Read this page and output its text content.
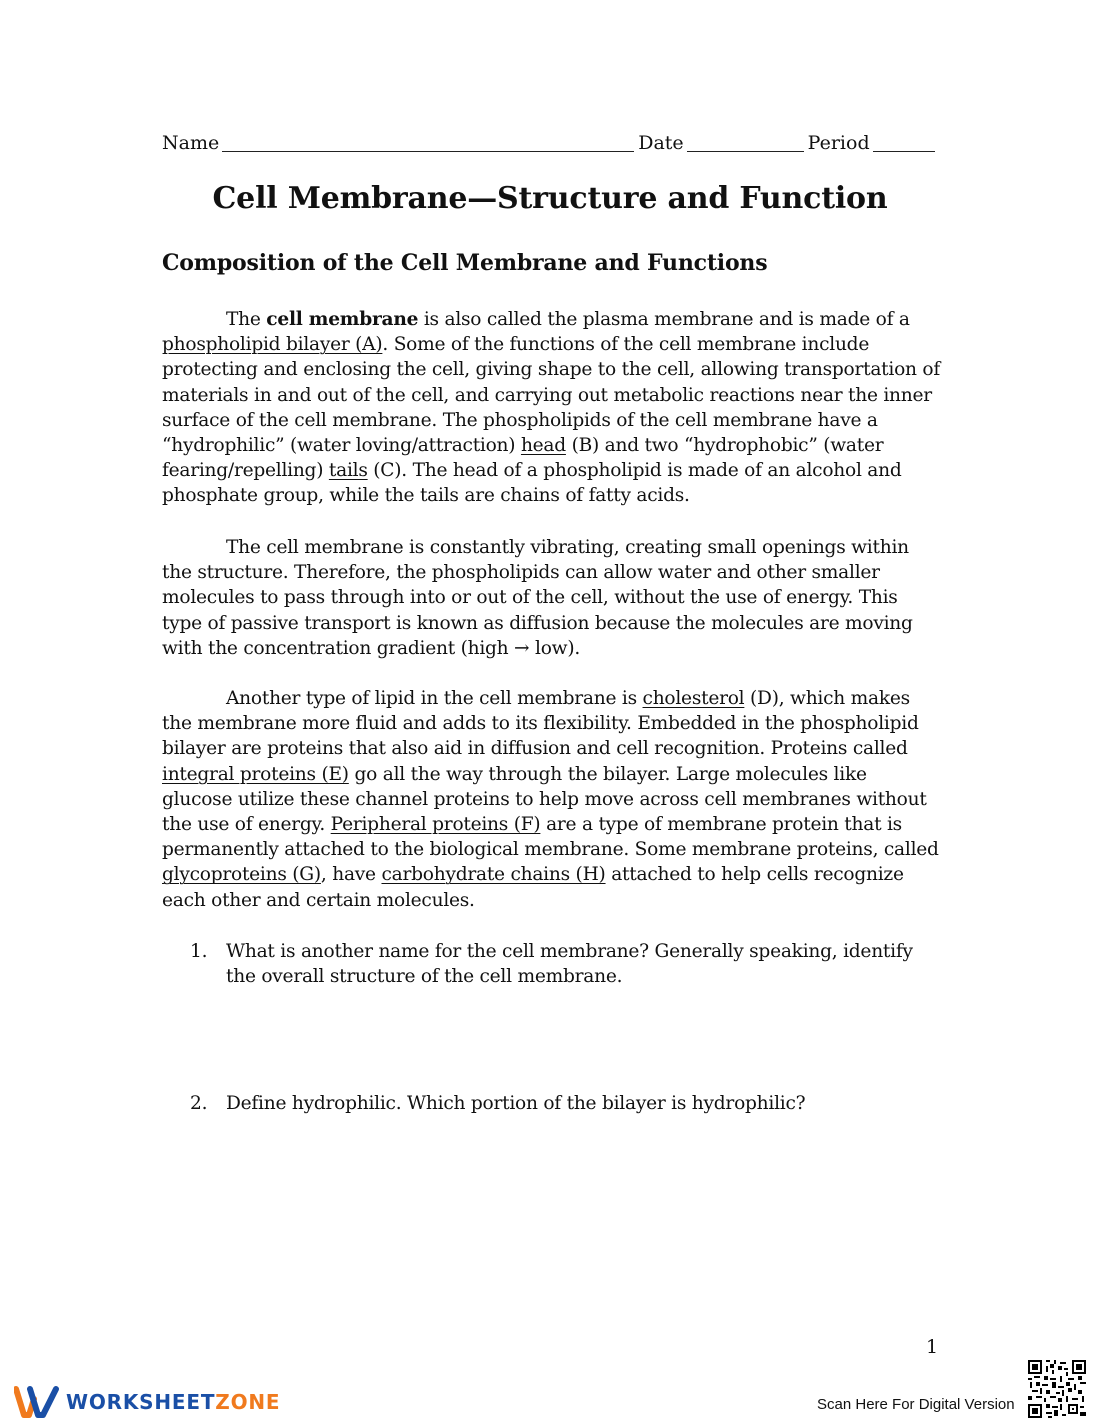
Name	Date	Period
Cell Membrane—Structure and Function
Composition of the Cell Membrane and Functions

The cell membrane is also called the plasma membrane and is made of a phospholipid bilayer (A). Some of the functions of the cell membrane include protecting and enclosing the cell, giving shape to the cell, allowing transportation of materials in and out of the cell, and carrying out metabolic reactions near the inner surface of the cell membrane. The phospholipids of the cell membrane have a “hydrophilic” (water loving/attraction) head (B) and two “hydrophobic” (water fearing/repelling) tails (C). The head of a phospholipid is made of an alcohol and phosphate group, while the tails are chains of fatty acids.

The cell membrane is constantly vibrating, creating small openings within the structure. Therefore, the phospholipids can allow water and other smaller molecules to pass through into or out of the cell, without the use of energy. This type of passive transport is known as diffusion because the molecules are moving with the concentration gradient (high → low).

Another type of lipid in the cell membrane is cholesterol (D), which makes the membrane more fluid and adds to its flexibility. Embedded in the phospholipid bilayer are proteins that also aid in diffusion and cell recognition. Proteins called integral proteins (E) go all the way through the bilayer. Large molecules like glucose utilize these channel proteins to help move across cell membranes without the use of energy. Peripheral proteins (F) are a type of membrane protein that is permanently attached to the biological membrane. Some membrane proteins, called glycoproteins (G), have carbohydrate chains (H) attached to help cells recognize each other and certain molecules.

1.	What is another name for the cell membrane? Generally speaking, identify the overall structure of the cell membrane.
2.	Define hydrophilic. Which portion of the bilayer is hydrophilic?
1
WORKSHEETZONE	Scan Here For Digital Version
